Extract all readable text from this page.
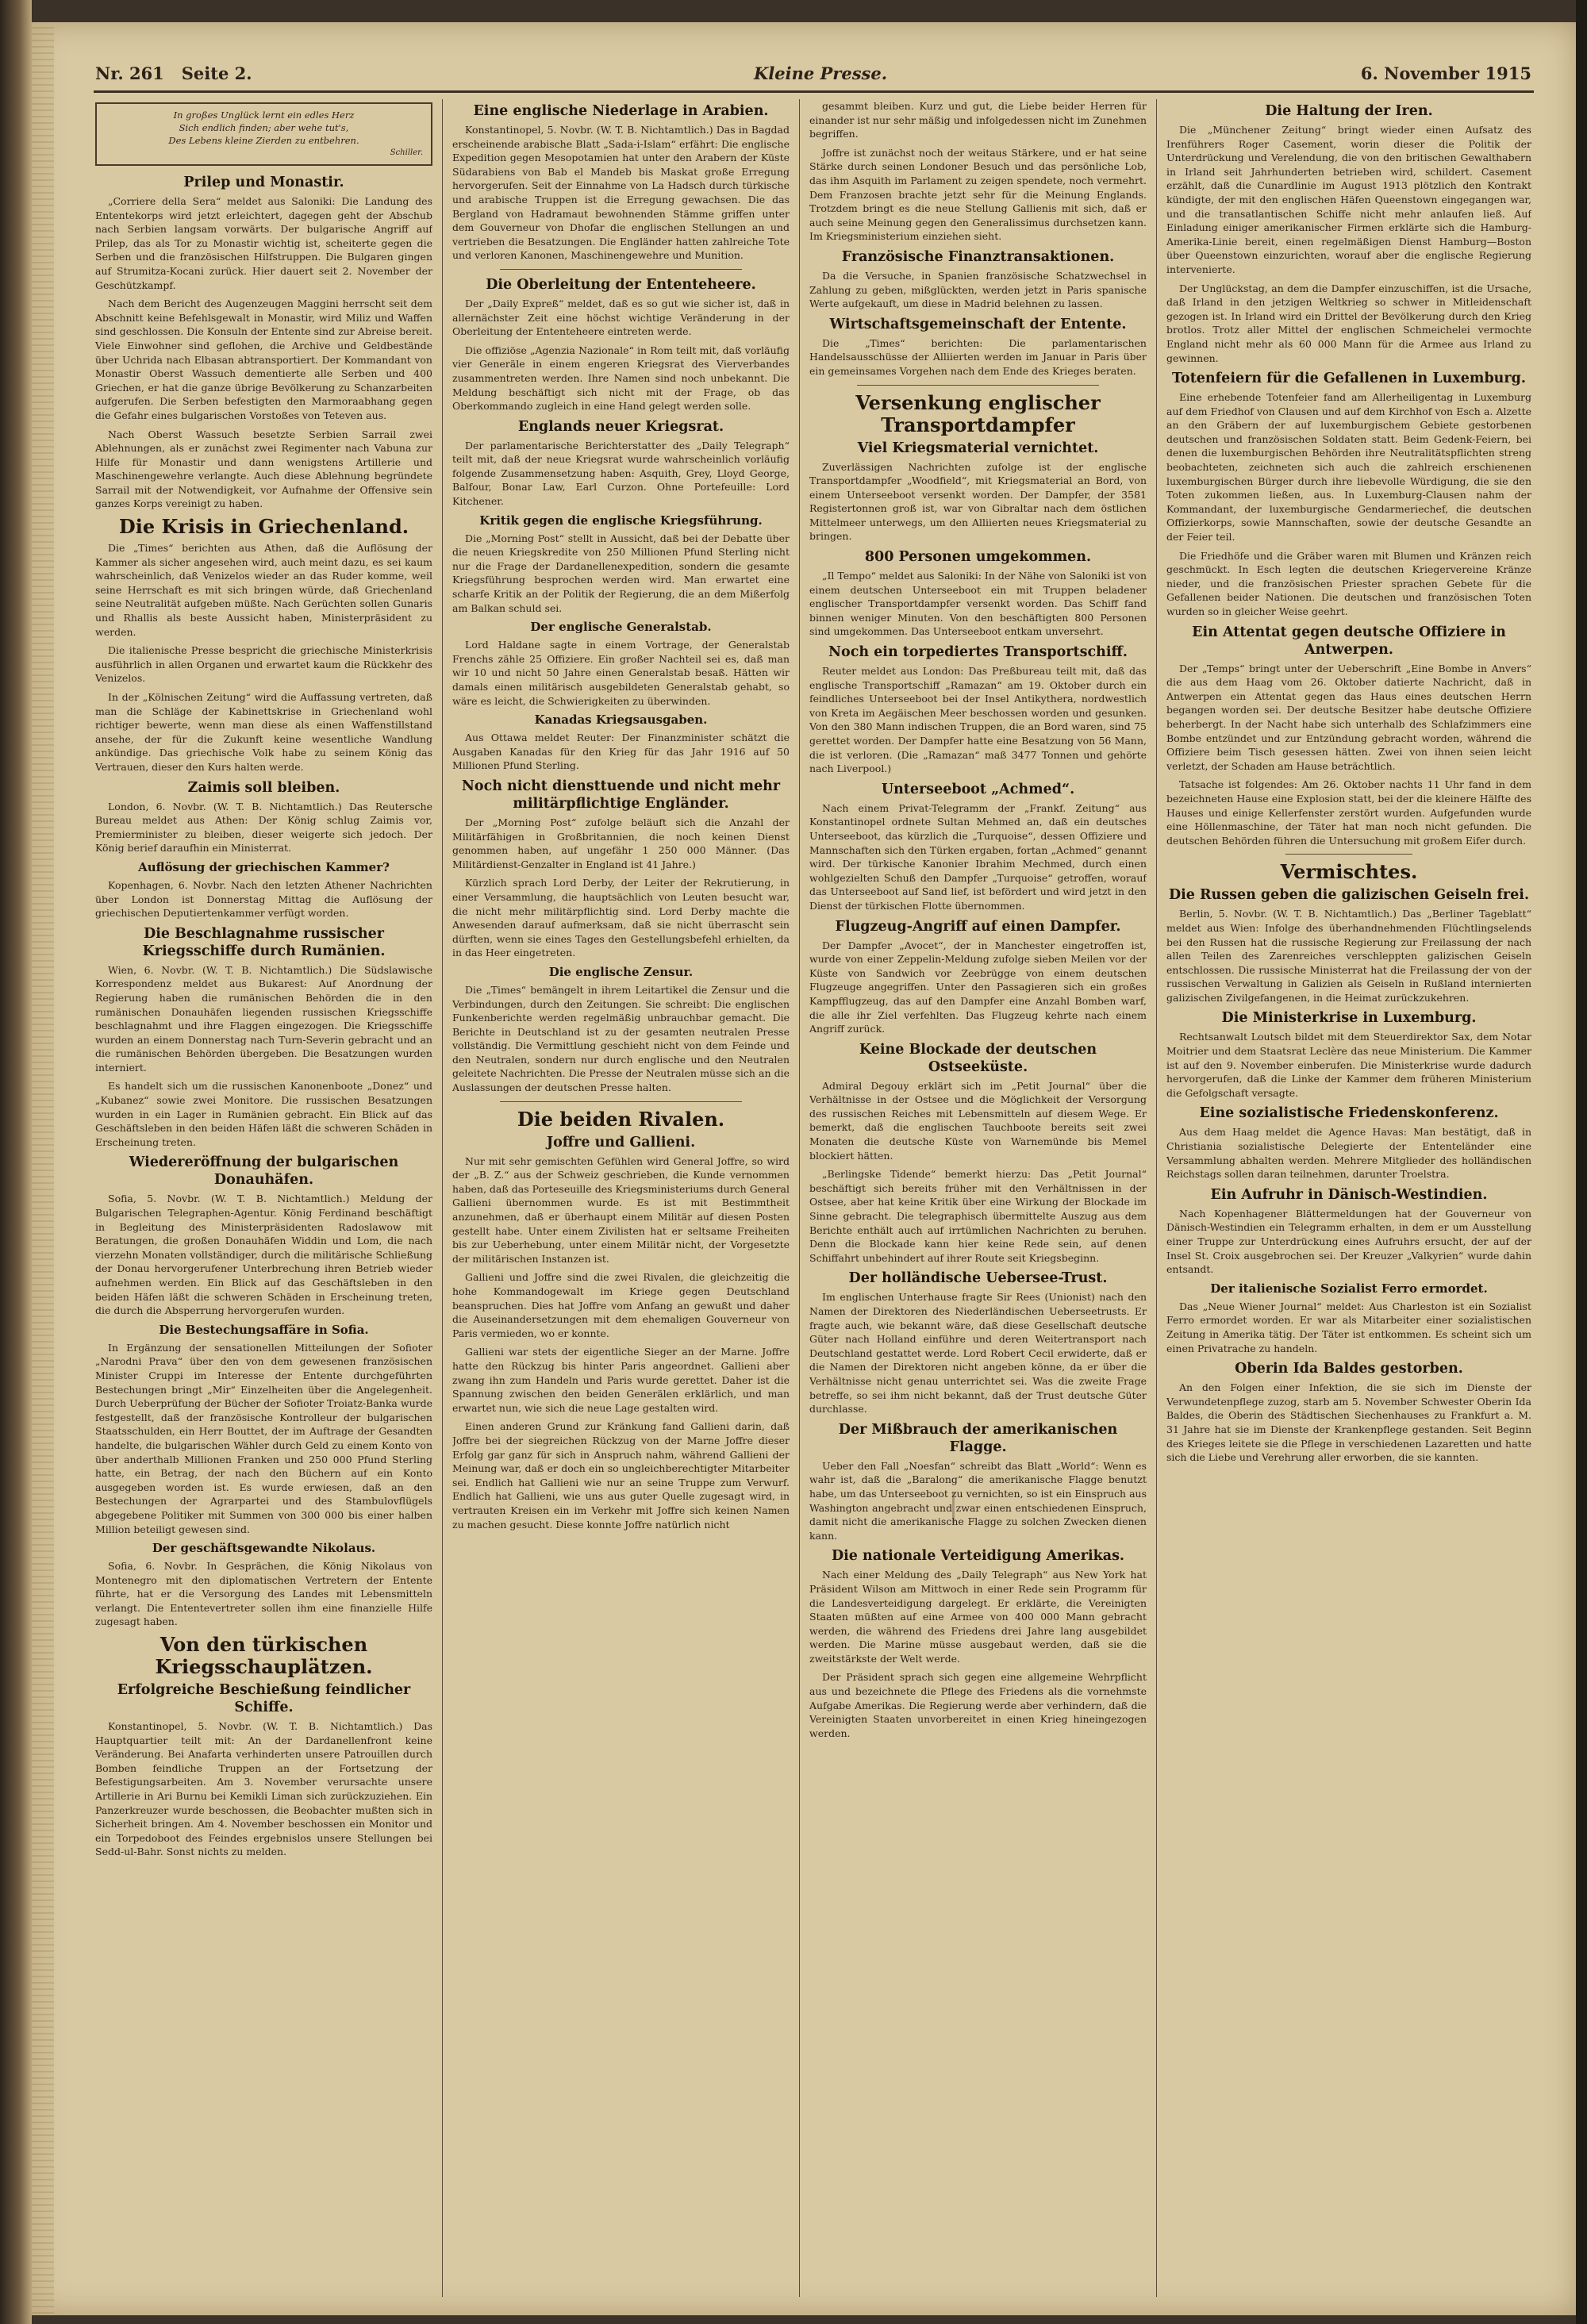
Nr. 261 Seite 2.	Kleine Presse.	6. November 1915
In großes Unglück lernt ein edles Herz
Sich endlich finden; aber wehe tut's,
Des Lebens kleine Zierden zu entbehren.
Schiller.
Prilep und Monastir.

„Corriere della Sera“ meldet aus Saloniki: Die Landung des Ententekorps wird jetzt erleichtert, dagegen geht der Abschub nach Serbien langsam vorwärts. Der bulgarische Angriff auf Prilep, das als Tor zu Monastir wichtig ist, scheiterte gegen die Serben und die französischen Hilfstruppen. Die Bulgaren gingen auf Strumitza-Kocani zurück. Hier dauert seit 2. November der Geschützkampf.

Nach dem Bericht des Augenzeugen Maggini herrscht seit dem Abschnitt keine Befehlsgewalt in Monastir, wird Miliz und Waffen sind geschlossen. Die Konsuln der Entente sind zur Abreise bereit. Viele Einwohner sind geflohen, die Archive und Geldbestände über Uchrida nach Elbasan abtransportiert. Der Kommandant von Monastir Oberst Wassuch dementierte alle Serben und 400 Griechen, er hat die ganze übrige Bevölkerung zu Schanzarbeiten aufgerufen. Die Serben befestigten den Marmoraabhang gegen die Gefahr eines bulgarischen Vorstoßes von Teteven aus.

Nach Oberst Wassuch besetzte Serbien Sarrail zwei Ablehnungen, als er zunächst zwei Regimenter nach Vabuna zur Hilfe für Monastir und dann wenigstens Artillerie und Maschinengewehre verlangte. Auch diese Ablehnung begründete Sarrail mit der Notwendigkeit, vor Aufnahme der Offensive sein ganzes Korps vereinigt zu haben.

Die Krisis in Griechenland.

Die „Times“ berichten aus Athen, daß die Auflösung der Kammer als sicher angesehen wird, auch meint dazu, es sei kaum wahrscheinlich, daß Venizelos wieder an das Ruder komme, weil seine Herrschaft es mit sich bringen würde, daß Griechenland seine Neutralität aufgeben müßte. Nach Gerüchten sollen Gunaris und Rhallis als beste Aussicht haben, Ministerpräsident zu werden.

Die italienische Presse bespricht die griechische Ministerkrisis ausführlich in allen Organen und erwartet kaum die Rückkehr des Venizelos.

In der „Kölnischen Zeitung“ wird die Auffassung vertreten, daß man die Schläge der Kabinettskrise in Griechenland wohl richtiger bewerte, wenn man diese als einen Waffenstillstand ansehe, der für die Zukunft keine wesentliche Wandlung ankündige. Das griechische Volk habe zu seinem König das Vertrauen, dieser den Kurs halten werde.

Zaimis soll bleiben.

London, 6. Novbr. (W. T. B. Nichtamtlich.) Das Reutersche Bureau meldet aus Athen: Der König schlug Zaimis vor, Premierminister zu bleiben, dieser weigerte sich jedoch. Der König berief daraufhin ein Ministerrat.

Auflösung der griechischen Kammer?

Kopenhagen, 6. Novbr. Nach den letzten Athener Nachrichten über London ist Donnerstag Mittag die Auflösung der griechischen Deputiertenkammer verfügt worden.

Die Beschlagnahme russischer Kriegsschiffe durch Rumänien.

Wien, 6. Novbr. (W. T. B. Nichtamtlich.) Die Südslawische Korrespondenz meldet aus Bukarest: Auf Anordnung der Regierung haben die rumänischen Behörden die in den rumänischen Donauhäfen liegenden russischen Kriegsschiffe beschlagnahmt und ihre Flaggen eingezogen. Die Kriegsschiffe wurden an einem Donnerstag nach Turn-Severin gebracht und an die rumänischen Behörden übergeben. Die Besatzungen wurden interniert.

Es handelt sich um die russischen Kanonenboote „Donez“ und „Kubanez“ sowie zwei Monitore. Die russischen Besatzungen wurden in ein Lager in Rumänien gebracht. Ein Blick auf das Geschäftsleben in den beiden Häfen läßt die schweren Schäden in Erscheinung treten.

Wiedereröffnung der bulgarischen Donauhäfen.

Sofia, 5. Novbr. (W. T. B. Nichtamtlich.) Meldung der Bulgarischen Telegraphen-Agentur. König Ferdinand beschäftigt in Begleitung des Ministerpräsidenten Radoslawow mit Beratungen, die großen Donauhäfen Widdin und Lom, die nach vierzehn Monaten vollständiger, durch die militärische Schließung der Donau hervorgerufener Unterbrechung ihren Betrieb wieder aufnehmen werden. Ein Blick auf das Geschäftsleben in den beiden Häfen läßt die schweren Schäden in Erscheinung treten, die durch die Absperrung hervorgerufen wurden.

Die Bestechungsaffäre in Sofia.

In Ergänzung der sensationellen Mitteilungen der Sofioter „Narodni Prava“ über den von dem gewesenen französischen Minister Cruppi im Interesse der Entente durchgeführten Bestechungen bringt „Mir“ Einzelheiten über die Angelegenheit. Durch Ueberprüfung der Bücher der Sofioter Troiatz-Banka wurde festgestellt, daß der französische Kontrolleur der bulgarischen Staatsschulden, ein Herr Bouttet, der im Auftrage der Gesandten handelte, die bulgarischen Wähler durch Geld zu einem Konto von über anderthalb Millionen Franken und 250 000 Pfund Sterling hatte, ein Betrag, der nach den Büchern auf ein Konto ausgegeben worden ist. Es wurde erwiesen, daß an den Bestechungen der Agrarpartei und des Stambulovflügels abgegebene Politiker mit Summen von 300 000 bis einer halben Million beteiligt gewesen sind.

Der geschäftsgewandte Nikolaus.

Sofia, 6. Novbr. In Gesprächen, die König Nikolaus von Montenegro mit den diplomatischen Vertretern der Entente führte, hat er die Versorgung des Landes mit Lebensmitteln verlangt. Die Ententevertreter sollen ihm eine finanzielle Hilfe zugesagt haben.

Von den türkischen Kriegsschauplätzen.
Erfolgreiche Beschießung feindlicher Schiffe.

Konstantinopel, 5. Novbr. (W. T. B. Nichtamtlich.) Das Hauptquartier teilt mit: An der Dardanellenfront keine Veränderung. Bei Anafarta verhinderten unsere Patrouillen durch Bomben feindliche Truppen an der Fortsetzung der Befestigungsarbeiten. Am 3. November verursachte unsere Artillerie in Ari Burnu bei Kemikli Liman sich zurückzuziehen. Ein Panzerkreuzer wurde beschossen, die Beobachter mußten sich in Sicherheit bringen. Am 4. November beschossen ein Monitor und ein Torpedoboot des Feindes ergebnislos unsere Stellungen bei Sedd-ul-Bahr. Sonst nichts zu melden.

Eine englische Niederlage in Arabien.

Konstantinopel, 5. Novbr. (W. T. B. Nichtamtlich.) Das in Bagdad erscheinende arabische Blatt „Sada-i-Islam“ erfährt: Die englische Expedition gegen Mesopotamien hat unter den Arabern der Küste Südarabiens von Bab el Mandeb bis Maskat große Erregung hervorgerufen. Seit der Einnahme von La Hadsch durch türkische und arabische Truppen ist die Erregung gewachsen. Die das Bergland von Hadramaut bewohnenden Stämme griffen unter dem Gouverneur von Dhofar die englischen Stellungen an und vertrieben die Besatzungen. Die Engländer hatten zahlreiche Tote und verloren Kanonen, Maschinengewehre und Munition.

Die Oberleitung der Ententeheere.

Der „Daily Expreß“ meldet, daß es so gut wie sicher ist, daß in allernächster Zeit eine höchst wichtige Veränderung in der Oberleitung der Ententeheere eintreten werde.

Die offiziöse „Agenzia Nazionale“ in Rom teilt mit, daß vorläufig vier Generäle in einem engeren Kriegsrat des Vierverbandes zusammentreten werden. Ihre Namen sind noch unbekannt. Die Meldung beschäftigt sich nicht mit der Frage, ob das Oberkommando zugleich in eine Hand gelegt werden solle.

Englands neuer Kriegsrat.

Der parlamentarische Berichterstatter des „Daily Telegraph“ teilt mit, daß der neue Kriegsrat wurde wahrscheinlich vorläufig folgende Zusammensetzung haben: Asquith, Grey, Lloyd George, Balfour, Bonar Law, Earl Curzon. Ohne Portefeuille: Lord Kitchener.

Kritik gegen die englische Kriegsführung.

Die „Morning Post“ stellt in Aussicht, daß bei der Debatte über die neuen Kriegskredite von 250 Millionen Pfund Sterling nicht nur die Frage der Dardanellenexpedition, sondern die gesamte Kriegsführung besprochen werden wird. Man erwartet eine scharfe Kritik an der Politik der Regierung, die an dem Mißerfolg am Balkan schuld sei.

Der englische Generalstab.

Lord Haldane sagte in einem Vortrage, der Generalstab Frenchs zähle 25 Offiziere. Ein großer Nachteil sei es, daß man wir 10 und nicht 50 Jahre einen Generalstab besaß. Hätten wir damals einen militärisch ausgebildeten Generalstab gehabt, so wäre es leicht, die Schwierigkeiten zu überwinden.

Kanadas Kriegsausgaben.

Aus Ottawa meldet Reuter: Der Finanzminister schätzt die Ausgaben Kanadas für den Krieg für das Jahr 1916 auf 50 Millionen Pfund Sterling.

Noch nicht diensttuende und nicht mehr militärpflichtige Engländer.

Der „Morning Post“ zufolge beläuft sich die Anzahl der Militärfähigen in Großbritannien, die noch keinen Dienst genommen haben, auf ungefähr 1 250 000 Männer. (Das Militärdienst-Genzalter in England ist 41 Jahre.)

Kürzlich sprach Lord Derby, der Leiter der Rekrutierung, in einer Versammlung, die hauptsächlich von Leuten besucht war, die nicht mehr militärpflichtig sind. Lord Derby machte die Anwesenden darauf aufmerksam, daß sie nicht überrascht sein dürften, wenn sie eines Tages den Gestellungsbefehl erhielten, da in das Heer eingetreten.

Die englische Zensur.

Die „Times“ bemängelt in ihrem Leitartikel die Zensur und die Verbindungen, durch den Zeitungen. Sie schreibt: Die englischen Funkenberichte werden regelmäßig unbrauchbar gemacht. Die Berichte in Deutschland ist zu der gesamten neutralen Presse vollständig. Die Vermittlung geschieht nicht von dem Feinde und den Neutralen, sondern nur durch englische und den Neutralen geleitete Nachrichten. Die Presse der Neutralen müsse sich an die Auslassungen der deutschen Presse halten.

Die beiden Rivalen.
Joffre und Gallieni.

Nur mit sehr gemischten Gefühlen wird General Joffre, so wird der „B. Z.“ aus der Schweiz geschrieben, die Kunde vernommen haben, daß das Porteseuille des Kriegsministeriums durch General Gallieni übernommen wurde. Es ist mit Bestimmtheit anzunehmen, daß er überhaupt einem Militär auf diesen Posten gestellt habe. Unter einem Zivilisten hat er seltsame Freiheiten bis zur Ueberhebung, unter einem Militär nicht, der Vorgesetzte der militärischen Instanzen ist.

Gallieni und Joffre sind die zwei Rivalen, die gleichzeitig die hohe Kommandogewalt im Kriege gegen Deutschland beanspruchen. Dies hat Joffre vom Anfang an gewußt und daher die Auseinandersetzungen mit dem ehemaligen Gouverneur von Paris vermieden, wo er konnte.

Gallieni war stets der eigentliche Sieger an der Marne. Joffre hatte den Rückzug bis hinter Paris angeordnet. Gallieni aber zwang ihn zum Handeln und Paris wurde gerettet. Daher ist die Spannung zwischen den beiden Generälen erklärlich, und man erwartet nun, wie sich die neue Lage gestalten wird.

Einen anderen Grund zur Kränkung fand Gallieni darin, daß Joffre bei der siegreichen Rückzug von der Marne Joffre dieser Erfolg gar ganz für sich in Anspruch nahm, während Gallieni der Meinung war, daß er doch ein so ungleichberechtigter Mitarbeiter sei. Endlich hat Gallieni wie nur an seine Truppe zum Verwurf. Endlich hat Gallieni, wie uns aus guter Quelle zugesagt wird, in vertrauten Kreisen ein im Verkehr mit Joffre sich keinen Namen zu machen gesucht. Diese konnte Joffre natürlich nicht

gesammt bleiben. Kurz und gut, die Liebe beider Herren für einander ist nur sehr mäßig und infolgedessen nicht im Zunehmen begriffen.

Joffre ist zunächst noch der weitaus Stärkere, und er hat seine Stärke durch seinen Londoner Besuch und das persönliche Lob, das ihm Asquith im Parlament zu zeigen spendete, noch vermehrt. Dem Franzosen brachte jetzt sehr für die Meinung Englands. Trotzdem bringt es die neue Stellung Gallienis mit sich, daß er auch seine Meinung gegen den Generalissimus durchsetzen kann. Im Kriegsministerium einziehen sieht.

Französische Finanztransaktionen.

Da die Versuche, in Spanien französische Schatzwechsel in Zahlung zu geben, mißglückten, werden jetzt in Paris spanische Werte aufgekauft, um diese in Madrid belehnen zu lassen.

Wirtschaftsgemeinschaft der Entente.

Die „Times“ berichten: Die parlamentarischen Handelsausschüsse der Alliierten werden im Januar in Paris über ein gemeinsames Vorgehen nach dem Ende des Krieges beraten.

Versenkung englischer Transportdampfer
Viel Kriegsmaterial vernichtet.

Zuverlässigen Nachrichten zufolge ist der englische Transportdampfer „Woodfield“, mit Kriegsmaterial an Bord, von einem Unterseeboot versenkt worden. Der Dampfer, der 3581 Registertonnen groß ist, war von Gibraltar nach dem östlichen Mittelmeer unterwegs, um den Alliierten neues Kriegsmaterial zu bringen.

800 Personen umgekommen.

„Il Tempo“ meldet aus Saloniki: In der Nähe von Saloniki ist von einem deutschen Unterseeboot ein mit Truppen beladener englischer Transportdampfer versenkt worden. Das Schiff fand binnen weniger Minuten. Von den beschäftigten 800 Personen sind umgekommen. Das Unterseeboot entkam unversehrt.

Noch ein torpediertes Transportschiff.

Reuter meldet aus London: Das Preßbureau teilt mit, daß das englische Transportschiff „Ramazan“ am 19. Oktober durch ein feindliches Unterseeboot bei der Insel Antikythera, nordwestlich von Kreta im Aegäischen Meer beschossen worden und gesunken. Von den 380 Mann indischen Truppen, die an Bord waren, sind 75 gerettet worden. Der Dampfer hatte eine Besatzung von 56 Mann, die ist verloren. (Die „Ramazan“ maß 3477 Tonnen und gehörte nach Liverpool.)

Unterseeboot „Achmed“.

Nach einem Privat-Telegramm der „Frankf. Zeitung“ aus Konstantinopel ordnete Sultan Mehmed an, daß ein deutsches Unterseeboot, das kürzlich die „Turquoise“, dessen Offiziere und Mannschaften sich den Türken ergaben, fortan „Achmed“ genannt wird. Der türkische Kanonier Ibrahim Mechmed, durch einen wohlgezielten Schuß den Dampfer „Turquoise“ getroffen, worauf das Unterseeboot auf Sand lief, ist befördert und wird jetzt in den Dienst der türkischen Flotte übernommen.

Flugzeug-Angriff auf einen Dampfer.

Der Dampfer „Avocet“, der in Manchester eingetroffen ist, wurde von einer Zeppelin-Meldung zufolge sieben Meilen vor der Küste von Sandwich vor Zeebrügge von einem deutschen Flugzeuge angegriffen. Unter den Passagieren sich ein großes Kampfflugzeug, das auf den Dampfer eine Anzahl Bomben warf, die alle ihr Ziel verfehlten. Das Flugzeug kehrte nach einem Angriff zurück.

Keine Blockade der deutschen Ostseeküste.

Admiral Degouy erklärt sich im „Petit Journal“ über die Verhältnisse in der Ostsee und die Möglichkeit der Versorgung des russischen Reiches mit Lebensmitteln auf diesem Wege. Er bemerkt, daß die englischen Tauchboote bereits seit zwei Monaten die deutsche Küste von Warnemünde bis Memel blockiert hätten.

„Berlingske Tidende“ bemerkt hierzu: Das „Petit Journal“ beschäftigt sich bereits früher mit den Verhältnissen in der Ostsee, aber hat keine Kritik über eine Wirkung der Blockade im Sinne gebracht. Die telegraphisch übermittelte Auszug aus dem Berichte enthält auch auf irrtümlichen Nachrichten zu beruhen. Denn die Blockade kann hier keine Rede sein, auf denen Schiffahrt unbehindert auf ihrer Route seit Kriegsbeginn.

Der holländische Uebersee-Trust.

Im englischen Unterhause fragte Sir Rees (Unionist) nach den Namen der Direktoren des Niederländischen Ueberseetrusts. Er fragte auch, wie bekannt wäre, daß diese Gesellschaft deutsche Güter nach Holland einführe und deren Weitertransport nach Deutschland gestattet werde. Lord Robert Cecil erwiderte, daß er die Namen der Direktoren nicht angeben könne, da er über die Verhältnisse nicht genau unterrichtet sei. Was die zweite Frage betreffe, so sei ihm nicht bekannt, daß der Trust deutsche Güter durchlasse.

Der Mißbrauch der amerikanischen Flagge.

Ueber den Fall „Noesfan“ schreibt das Blatt „World“: Wenn es wahr ist, daß die „Baralong“ die amerikanische Flagge benutzt habe, um das Unterseeboot zu vernichten, so ist ein Einspruch aus Washington angebracht und zwar einen entschiedenen Einspruch, damit nicht die amerikanische Flagge zu solchen Zwecken dienen kann.

Die nationale Verteidigung Amerikas.

Nach einer Meldung des „Daily Telegraph“ aus New York hat Präsident Wilson am Mittwoch in einer Rede sein Programm für die Landesverteidigung dargelegt. Er erklärte, die Vereinigten Staaten müßten auf eine Armee von 400 000 Mann gebracht werden, die während des Friedens drei Jahre lang ausgebildet werden. Die Marine müsse ausgebaut werden, daß sie die zweitstärkste der Welt werde.

Der Präsident sprach sich gegen eine allgemeine Wehrpflicht aus und bezeichnete die Pflege des Friedens als die vornehmste Aufgabe Amerikas. Die Regierung werde aber verhindern, daß die Vereinigten Staaten unvorbereitet in einen Krieg hineingezogen werden.

Die Haltung der Iren.

Die „Münchener Zeitung“ bringt wieder einen Aufsatz des Irenführers Roger Casement, worin dieser die Politik der Unterdrückung und Verelendung, die von den britischen Gewalthabern in Irland seit Jahrhunderten betrieben wird, schildert. Casement erzählt, daß die Cunardlinie im August 1913 plötzlich den Kontrakt kündigte, der mit den englischen Häfen Queenstown eingegangen war, und die transatlantischen Schiffe nicht mehr anlaufen ließ. Auf Einladung einiger amerikanischer Firmen erklärte sich die Hamburg-Amerika-Linie bereit, einen regelmäßigen Dienst Hamburg—Boston über Queenstown einzurichten, worauf aber die englische Regierung intervenierte.

Der Unglückstag, an dem die Dampfer einzuschiffen, ist die Ursache, daß Irland in den jetzigen Weltkrieg so schwer in Mitleidenschaft gezogen ist. In Irland wird ein Drittel der Bevölkerung durch den Krieg brotlos. Trotz aller Mittel der englischen Schmeichelei vermochte England nicht mehr als 60 000 Mann für die Armee aus Irland zu gewinnen.

Totenfeiern für die Gefallenen in Luxemburg.

Eine erhebende Totenfeier fand am Allerheiligentag in Luxemburg auf dem Friedhof von Clausen und auf dem Kirchhof von Esch a. Alzette an den Gräbern der auf luxemburgischem Gebiete gestorbenen deutschen und französischen Soldaten statt. Beim Gedenk-Feiern, bei denen die luxemburgischen Behörden ihre Neutralitätspflichten streng beobachteten, zeichneten sich auch die zahlreich erschienenen luxemburgischen Bürger durch ihre liebevolle Würdigung, die sie den Toten zukommen ließen, aus. In Luxemburg-Clausen nahm der Kommandant, der luxemburgische Gendarmeriechef, die deutschen Offizierkorps, sowie Mannschaften, sowie der deutsche Gesandte an der Feier teil.

Die Friedhöfe und die Gräber waren mit Blumen und Kränzen reich geschmückt. In Esch legten die deutschen Kriegervereine Kränze nieder, und die französischen Priester sprachen Gebete für die Gefallenen beider Nationen. Die deutschen und französischen Toten wurden so in gleicher Weise geehrt.

Ein Attentat gegen deutsche Offiziere in Antwerpen.

Der „Temps“ bringt unter der Ueberschrift „Eine Bombe in Anvers“ die aus dem Haag vom 26. Oktober datierte Nachricht, daß in Antwerpen ein Attentat gegen das Haus eines deutschen Herrn begangen worden sei. Der deutsche Besitzer habe deutsche Offiziere beherbergt. In der Nacht habe sich unterhalb des Schlafzimmers eine Bombe entzündet und zur Entzündung gebracht worden, während die Offiziere beim Tisch gesessen hätten. Zwei von ihnen seien leicht verletzt, der Schaden am Hause beträchtlich.

Tatsache ist folgendes: Am 26. Oktober nachts 11 Uhr fand in dem bezeichneten Hause eine Explosion statt, bei der die kleinere Hälfte des Hauses und einige Kellerfenster zerstört wurden. Aufgefunden wurde eine Höllenmaschine, der Täter hat man noch nicht gefunden. Die deutschen Behörden führen die Untersuchung mit großem Eifer durch.

Vermischtes.
Die Russen geben die galizischen Geiseln frei.

Berlin, 5. Novbr. (W. T. B. Nichtamtlich.) Das „Berliner Tageblatt“ meldet aus Wien: Infolge des überhandnehmenden Flüchtlingselends bei den Russen hat die russische Regierung zur Freilassung der nach allen Teilen des Zarenreiches verschleppten galizischen Geiseln entschlossen. Die russische Ministerrat hat die Freilassung der von der russischen Verwaltung in Galizien als Geiseln in Rußland internierten galizischen Zivilgefangenen, in die Heimat zurückzukehren.

Die Ministerkrise in Luxemburg.

Rechtsanwalt Loutsch bildet mit dem Steuerdirektor Sax, dem Notar Moitrier und dem Staatsrat Leclère das neue Ministerium. Die Kammer ist auf den 9. November einberufen. Die Ministerkrise wurde dadurch hervorgerufen, daß die Linke der Kammer dem früheren Ministerium die Gefolgschaft versagte.

Eine sozialistische Friedenskonferenz.

Aus dem Haag meldet die Agence Havas: Man bestätigt, daß in Christiania sozialistische Delegierte der Ententeländer eine Versammlung abhalten werden. Mehrere Mitglieder des holländischen Reichstags sollen daran teilnehmen, darunter Troelstra.

Ein Aufruhr in Dänisch-Westindien.

Nach Kopenhagener Blättermeldungen hat der Gouverneur von Dänisch-Westindien ein Telegramm erhalten, in dem er um Ausstellung einer Truppe zur Unterdrückung eines Aufruhrs ersucht, der auf der Insel St. Croix ausgebrochen sei. Der Kreuzer „Valkyrien“ wurde dahin entsandt.

Der italienische Sozialist Ferro ermordet.

Das „Neue Wiener Journal“ meldet: Aus Charleston ist ein Sozialist Ferro ermordet worden. Er war als Mitarbeiter einer sozialistischen Zeitung in Amerika tätig. Der Täter ist entkommen. Es scheint sich um einen Privatrache zu handeln.

Oberin Ida Baldes gestorben.

An den Folgen einer Infektion, die sie sich im Dienste der Verwundetenpflege zuzog, starb am 5. November Schwester Oberin Ida Baldes, die Oberin des Städtischen Siechenhauses zu Frankfurt a. M. 31 Jahre hat sie im Dienste der Krankenpflege gestanden. Seit Beginn des Krieges leitete sie die Pflege in verschiedenen Lazaretten und hatte sich die Liebe und Verehrung aller erworben, die sie kannten.
